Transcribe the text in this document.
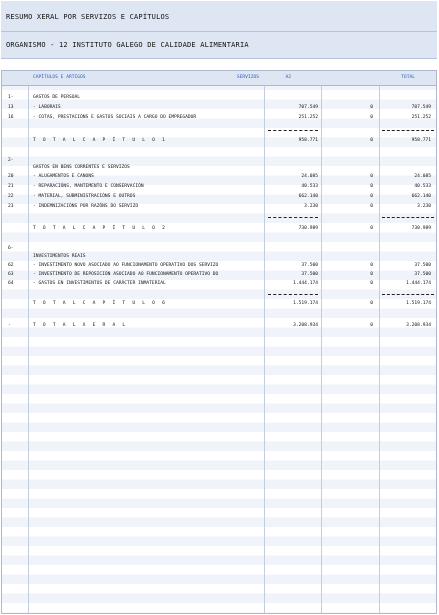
RESUMO XERAL POR SERVIZOS E CAPÍTULOS
ORGANISMO - 12 INSTITUTO GALEGO DE CALIDADE ALIMENTARIA
CAPÍTULOS E ARTIGOS	SERVIZOS	A2	TOTAL
1-	GASTOS DE PERSOAL
13	- LABORAIS	707.549	0	707.549
16	- COTAS, PRESTACIÓNS E GASTOS SOCIAIS A CARGO DO EMPREGADOR	251.252	0	251.252
T O T A L C A P Í T U L O 1	958.771	0	958.771
2-
GASTOS EN BENS CORRENTES E SERVIZOS
20	- ALUGAMENTOS E CANONS	24.085	0	24.085
21	- REPARACIÓNS, MANTEMENTO E CONSERVACIÓN	40.533	0	40.533
22	- MATERIAL, SUBMINISTRACIÓNS E OUTROS	662.140	0	662.140
23	- INDEMNIZACIÓNS POR RAZÓNS DO SERVIZO	3.230	0	3.230
T O T A L C A P Í T U L O 2	730.989	0	730.989
6-
INVESTIMENTOS REAIS
62	- INVESTIMENTO NOVO ASOCIADO AO FUNCIONAMENTO OPERATIVO DOS SERVIZO	37.500	0	37.500
63	- INVESTIMENTO DE REPOSICIÓN ASOCIADO AO FUNCIONAMENTO OPERATIVO DO	37.500	0	37.500
64	- GASTOS EN INVESTIMENTOS DE CARÁCTER INMATERIAL	1.444.174	0	1.444.174
T O T A L C A P Í T U L O 6	1.519.174	0	1.519.174
-	T O T A L X E R A L	3.208.934	0	3.208.934
